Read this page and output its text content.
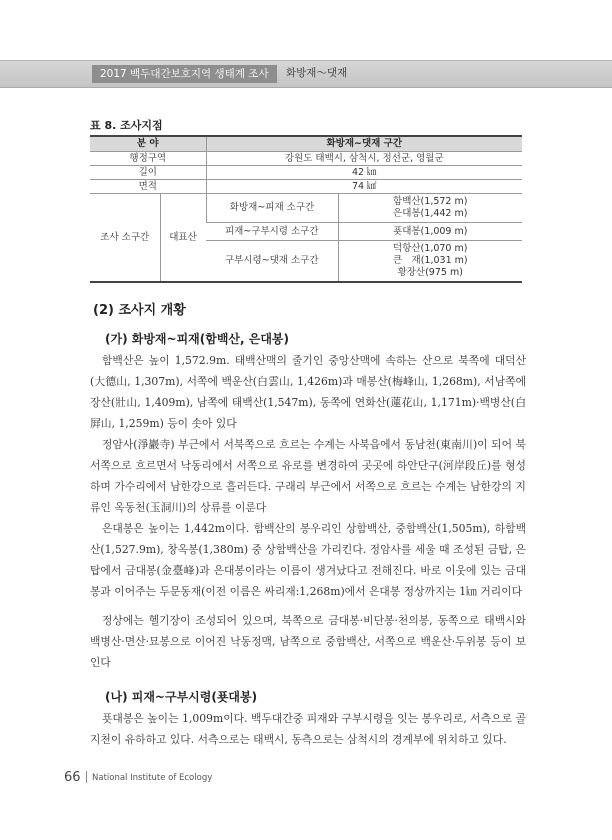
2017 백두대간보호지역 생태계 조사	화방재～댓재
표 8. 조사지점
분 야		화방재~댓재 구간	
행정구역		강원도 태백시, 삼척시, 정선군, 영월군	
길이		42 ㎞	
면적		74 ㎢	
조사 소구간	대표산	화방재~피재 소구간	함백산(1,572 m)
은대봉(1,442 m)

		피재~구부시령 소구간	푯대봉(1,009 m)

		구부시령~댓재 소구간	덕항산(1,070 m)
큰　재(1,031 m)
황장산(975 m)
(2) 조사지 개황
(가) 화방재~피재(함백산, 은대봉)
함백산은 높이 1,572.9m. 태백산맥의 줄기인 중앙산맥에 속하는 산으로 북쪽에 대덕산(大德山, 1,307m), 서쪽에 백운산(白雲山, 1,426m)과 매봉산(梅峰山, 1,268m), 서남쪽에 장산(壯山, 1,409m), 남쪽에 태백산(1,547m), 동쪽에 연화산(蓮花山, 1,171m)·백병산(白屛山, 1,259m) 등이 솟아 있다
정암사(淨巖寺) 부근에서 서북쪽으로 흐르는 수계는 사북읍에서 동남천(東南川)이 되어 북서쪽으로 흐르면서 낙동리에서 서쪽으로 유로를 변경하여 곳곳에 하안단구(河岸段丘)를 형성하며 가수리에서 남한강으로 흘러든다. 구래리 부근에서 서쪽으로 흐르는 수계는 남한강의 지류인 옥동천(玉洞川)의 상류를 이룬다
은대봉은 높이는 1,442m이다. 함백산의 봉우리인 상함백산, 중함백산(1,505m), 하함백산(1,527.9m), 창옥봉(1,380m) 중 상함백산을 가리킨다. 정암사를 세울 때 조성된 금탑, 은탑에서 금대봉(金臺峰)과 은대봉이라는 이름이 생겨났다고 전해진다. 바로 이웃에 있는 금대봉과 이어주는 두문동재(이전 이름은 싸리재:1,268m)에서 은대봉 정상까지는 1㎞ 거리이다
정상에는 헬기장이 조성되어 있으며, 북쪽으로 금대봉·비단봉·천의봉, 동쪽으로 태백시와 백병산·면산·묘봉으로 이어진 낙동정맥, 남쪽으로 중함백산, 서쪽으로 백운산·두위봉 등이 보인다
(나) 피재~구부시령(푯대봉)
푯대봉은 높이는 1,009m이다. 백두대간중 피재와 구부시령을 잇는 봉우리로, 서측으로 골지천이 유하하고 있다. 서측으로는 태백시, 동측으로는 삼척시의 경계부에 위치하고 있다.
66 National Institute of Ecology
